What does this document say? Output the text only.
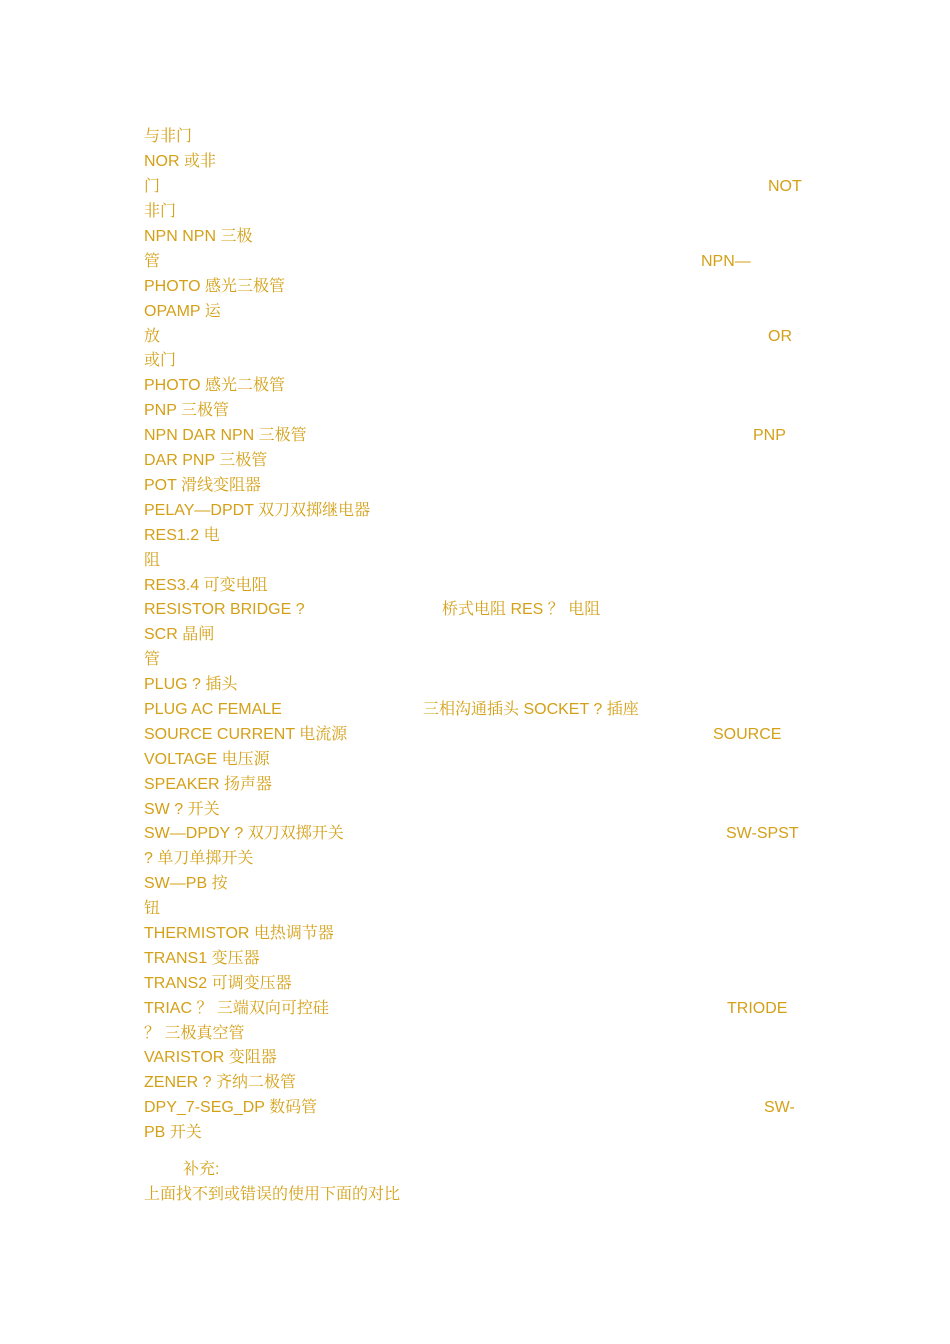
与非门
NOR 或非
门	NOT
非门
NPN NPN 三极
管	NPN—
PHOTO 感光三极管
OPAMP 运
放	OR
或门
PHOTO 感光二极管
PNP 三极管
NPN DAR NPN 三极管	PNP
DAR PNP 三极管
POT 滑线变阻器
PELAY—DPDT 双刀双掷继电器
RES1.2 电
阻
RES3.4 可变电阻
RESISTOR BRIDGE ?	桥式电阻 RES ？ 电阻
SCR 晶闸
管
PLUG ? 插头
PLUG AC FEMALE	三相沟通插头 SOCKET ? 插座
SOURCE CURRENT 电流源	SOURCE
VOLTAGE 电压源
SPEAKER 扬声器
SW ? 开关
SW—DPDY ? 双刀双掷开关	SW-SPST
? 单刀单掷开关
SW—PB 按
钮
THERMISTOR 电热调节器
TRANS1 变压器
TRANS2 可调变压器
TRIAC ？ 三端双向可控硅	TRIODE
？ 三极真空管
VARISTOR 变阻器
ZENER ? 齐纳二极管
DPY_7-SEG_DP 数码管	SW-
PB 开关
补充:
上面找不到或错误的使用下面的对比
